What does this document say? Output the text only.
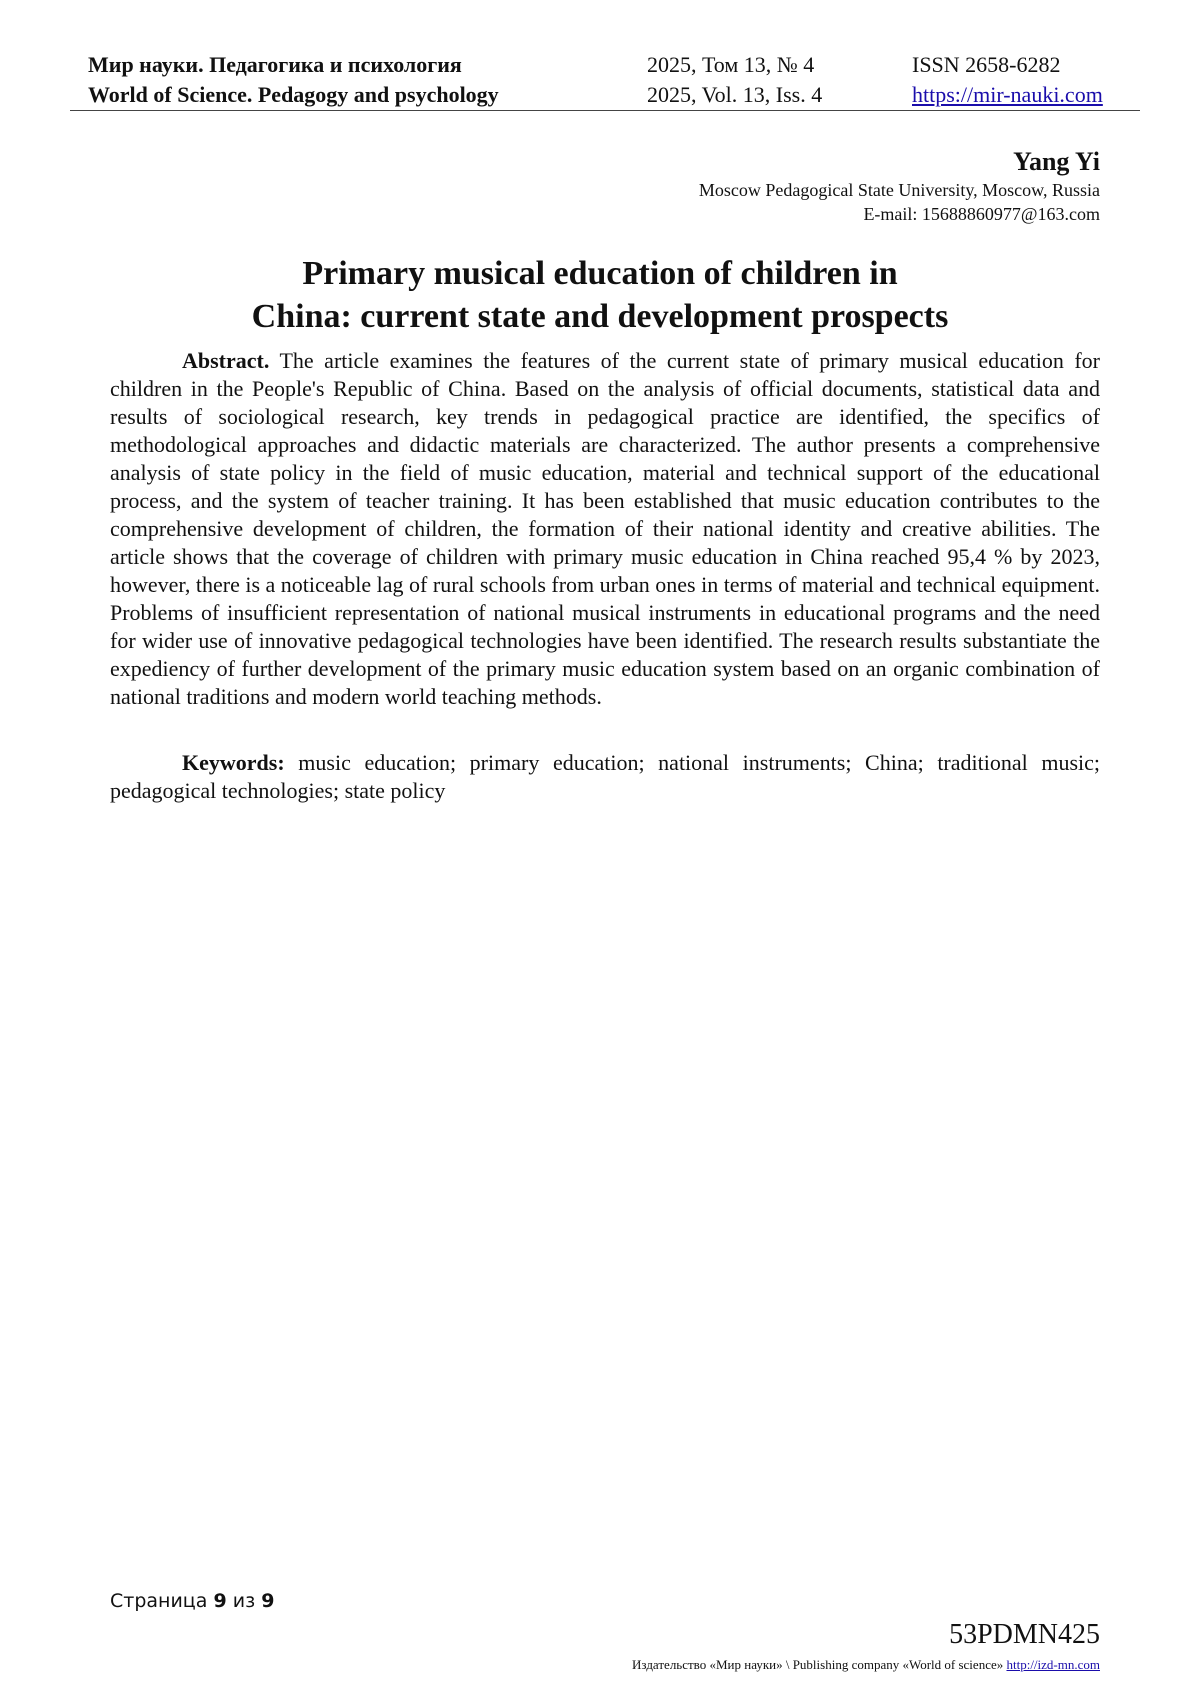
Мир науки. Педагогика и психология
World of Science. Pedagogy and psychology
2025, Том 13, № 4
2025, Vol. 13, Iss. 4
ISSN 2658-6282
https://mir-nauki.com
Yang Yi
Moscow Pedagogical State University, Moscow, Russia
E-mail: 15688860977@163.com
Primary musical education of children in
China: current state and development prospects

Abstract. The article examines the features of the current state of primary musical education for children in the People's Republic of China. Based on the analysis of official documents, statistical data and results of sociological research, key trends in pedagogical practice are identified, the specifics of methodological approaches and didactic materials are characterized. The author presents a comprehensive analysis of state policy in the field of music education, material and technical support of the educational process, and the system of teacher training. It has been established that music education contributes to the comprehensive development of children, the formation of their national identity and creative abilities. The article shows that the coverage of children with primary music education in China reached 95,4 % by 2023, however, there is a noticeable lag of rural schools from urban ones in terms of material and technical equipment. Problems of insufficient representation of national musical instruments in educational programs and the need for wider use of innovative pedagogical technologies have been identified. The research results substantiate the expediency of further development of the primary music education system based on an organic combination of national traditions and modern world teaching methods.

Keywords: music education; primary education; national instruments; China; traditional music; pedagogical technologies; state policy

Страница 9 из 9
53PDMN425
Издательство «Мир науки» \ Publishing company «World of science» http://izd-mn.com
